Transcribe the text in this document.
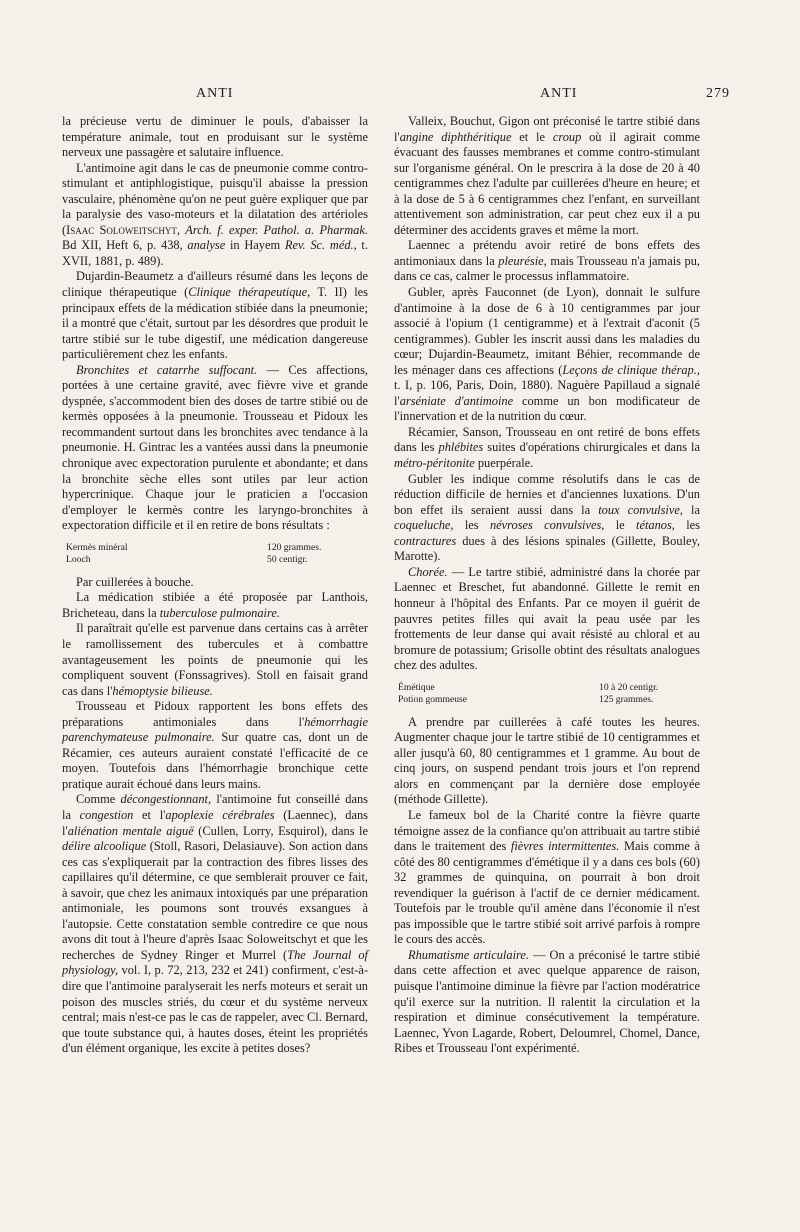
ANTI	ANTI	279

la précieuse vertu de diminuer le pouls, d'abaisser la température animale, tout en produisant sur le système nerveux une passagère et salutaire influence.

L'antimoine agit dans le cas de pneumonie comme contro-stimulant et antiphlogistique, puisqu'il abaisse la pression vasculaire, phénomène qu'on ne peut guère expliquer que par la paralysie des vaso-moteurs et la dilatation des artérioles (Isaac Soloweitschyt, Arch. f. exper. Pathol. a. Pharmak. Bd XII, Heft 6, p. 438, analyse in Hayem Rev. Sc. méd., t. XVII, 1881, p. 489).

Dujardin-Beaumetz a d'ailleurs résumé dans les leçons de clinique thérapeutique (Clinique thérapeutique, T. II) les principaux effets de la médication stibiée dans la pneumonie; il a montré que c'était, surtout par les désordres que produit le tartre stibié sur le tube digestif, une médication dangereuse particulièrement chez les enfants.

Bronchites et catarrhe suffocant. — Ces affections, portées à une certaine gravité, avec fièvre vive et grande dyspnée, s'accommodent bien des doses de tartre stibié ou de kermès opposées à la pneumonie. Trousseau et Pidoux les recommandent surtout dans les bronchites avec tendance à la pneumonie. H. Gintrac les a vantées aussi dans la pneumonie chronique avec expectoration purulente et abondante; et dans la bronchite sèche elles sont utiles par leur action hypercrinique. Chaque jour le praticien a l'occasion d'employer le kermès contre les laryngo-bronchites à expectoration difficile et il en retire de bons résultats :

Kermès minéral	120 grammes.
Looch	50 centigr.

Par cuillerées à bouche.

La médication stibiée a été proposée par Lanthois, Bricheteau, dans la tuberculose pulmonaire.

Il paraîtrait qu'elle est parvenue dans certains cas à arrêter le ramollissement des tubercules et à combattre avantageusement les points de pneumonie qui les compliquent souvent (Fonssagrives). Stoll en faisait grand cas dans l'hémoptysie bilieuse.

Trousseau et Pidoux rapportent les bons effets des préparations antimoniales dans l'hémorrhagie parenchymateuse pulmonaire. Sur quatre cas, dont un de Récamier, ces auteurs auraient constaté l'efficacité de ce moyen. Toutefois dans l'hémorrhagie bronchique cette pratique aurait échoué dans leurs mains.

Comme décongestionnant, l'antimoine fut conseillé dans la congestion et l'apoplexie cérébrales (Laennec), dans l'aliénation mentale aiguë (Cullen, Lorry, Esquirol), dans le délire alcoolique (Stoll, Rasori, Delasiauve). Son action dans ces cas s'expliquerait par la contraction des fibres lisses des capillaires qu'il détermine, ce que semblerait prouver ce fait, à savoir, que chez les animaux intoxiqués par une préparation antimoniale, les poumons sont trouvés exsangues à l'autopsie. Cette constatation semble contredire ce que nous avons dit tout à l'heure d'après Isaac Soloweitschyt et que les recherches de Sydney Ringer et Murrel (The Journal of physiology, vol. I, p. 72, 213, 232 et 241) confirment, c'est-à-dire que l'antimoine paralyserait les nerfs moteurs et serait un poison des muscles striés, du cœur et du système nerveux central; mais n'est-ce pas le cas de rappeler, avec Cl. Bernard, que toute substance qui, à hautes doses, éteint les propriétés d'un élément organique, les excite à petites doses?

Valleix, Bouchut, Gigon ont préconisé le tartre stibié dans l'angine diphthéritique et le croup où il agirait comme évacuant des fausses membranes et comme contro-stimulant sur l'organisme général. On le prescrira à la dose de 20 à 40 centigrammes chez l'adulte par cuillerées d'heure en heure; et à la dose de 5 à 6 centigrammes chez l'enfant, en surveillant attentivement son administration, car peut chez eux il a pu déterminer des accidents graves et même la mort.

Laennec a prétendu avoir retiré de bons effets des antimoniaux dans la pleurésie, mais Trousseau n'a jamais pu, dans ce cas, calmer le processus inflammatoire.

Gubler, après Fauconnet (de Lyon), donnait le sulfure d'antimoine à la dose de 6 à 10 centigrammes par jour associé à l'opium (1 centigramme) et à l'extrait d'aconit (5 centigrammes). Gubler les inscrit aussi dans les maladies du cœur; Dujardin-Beaumetz, imitant Béhier, recommande de les ménager dans ces affections (Leçons de clinique thérap., t. I, p. 106, Paris, Doin, 1880). Naguère Papillaud a signalé l'arséniate d'antimoine comme un bon modificateur de l'innervation et de la nutrition du cœur.

Récamier, Sanson, Trousseau en ont retiré de bons effets dans les phlébites suites d'opérations chirurgicales et dans la métro-péritonite puerpérale.

Gubler les indique comme résolutifs dans le cas de réduction difficile de hernies et d'anciennes luxations. D'un bon effet ils seraient aussi dans la toux convulsive, la coqueluche, les névroses convulsives, le tétanos, les contractures dues à des lésions spinales (Gillette, Bouley, Marotte).

Chorée. — Le tartre stibié, administré dans la chorée par Laennec et Breschet, fut abandonné. Gillette le remit en honneur à l'hôpital des Enfants. Par ce moyen il guérit de pauvres petites filles qui avait la peau usée par les frottements de leur danse qui avait résisté au chloral et au bromure de potassium; Grisolle obtint des résultats analogues chez des adultes.

Émétique	10 à 20 centigr.
Potion gommeuse	125 grammes.

A prendre par cuillerées à café toutes les heures. Augmenter chaque jour le tartre stibié de 10 centigrammes et aller jusqu'à 60, 80 centigrammes et 1 gramme. Au bout de cinq jours, on suspend pendant trois jours et l'on reprend alors en commençant par la dernière dose employée (méthode Gillette).

Le fameux bol de la Charité contre la fièvre quarte témoigne assez de la confiance qu'on attribuait au tartre stibié dans le traitement des fièvres intermittentes. Mais comme à côté des 80 centigrammes d'émétique il y a dans ces bols (60) 32 grammes de quinquina, on pourrait à bon droit revendiquer la guérison à l'actif de ce dernier médicament. Toutefois par le trouble qu'il amène dans l'économie il n'est pas impossible que le tartre stibié soit arrivé parfois à rompre le cours des accès.

Rhumatisme articulaire. — On a préconisé le tartre stibié dans cette affection et avec quelque apparence de raison, puisque l'antimoine diminue la fièvre par l'action modératrice qu'il exerce sur la nutrition. Il ralentit la circulation et la respiration et diminue consécutivement la température. Laennec, Yvon Lagarde, Robert, Deloumrel, Chomel, Dance, Ribes et Trousseau l'ont expérimenté.
